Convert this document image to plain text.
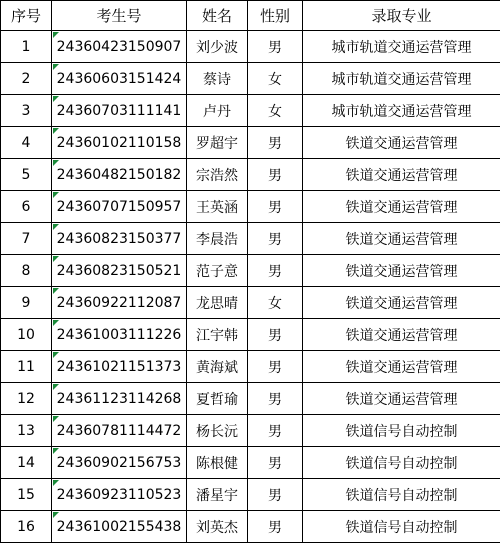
序号	考生号	姓名	性别	录取专业
1	24360423150907	刘少波	男	城市轨道交通运营管理
2	24360603151424	蔡诗	女	城市轨道交通运营管理
3	24360703111141	卢丹	女	城市轨道交通运营管理
4	24360102110158	罗超宇	男	铁道交通运营管理
5	24360482150182	宗浩然	男	铁道交通运营管理
6	24360707150957	王英涵	男	铁道交通运营管理
7	24360823150377	李晨浩	男	铁道交通运营管理
8	24360823150521	范子意	男	铁道交通运营管理
9	24360922112087	龙思晴	女	铁道交通运营管理
10	24361003111226	江宇韩	男	铁道交通运营管理
11	24361021151373	黄海斌	男	铁道交通运营管理
12	24361123114268	夏哲瑜	男	铁道交通运营管理
13	24360781114472	杨长沅	男	铁道信号自动控制
14	24360902156753	陈根健	男	铁道信号自动控制
15	24360923110523	潘星宇	男	铁道信号自动控制
16	24361002155438	刘英杰	男	铁道信号自动控制
